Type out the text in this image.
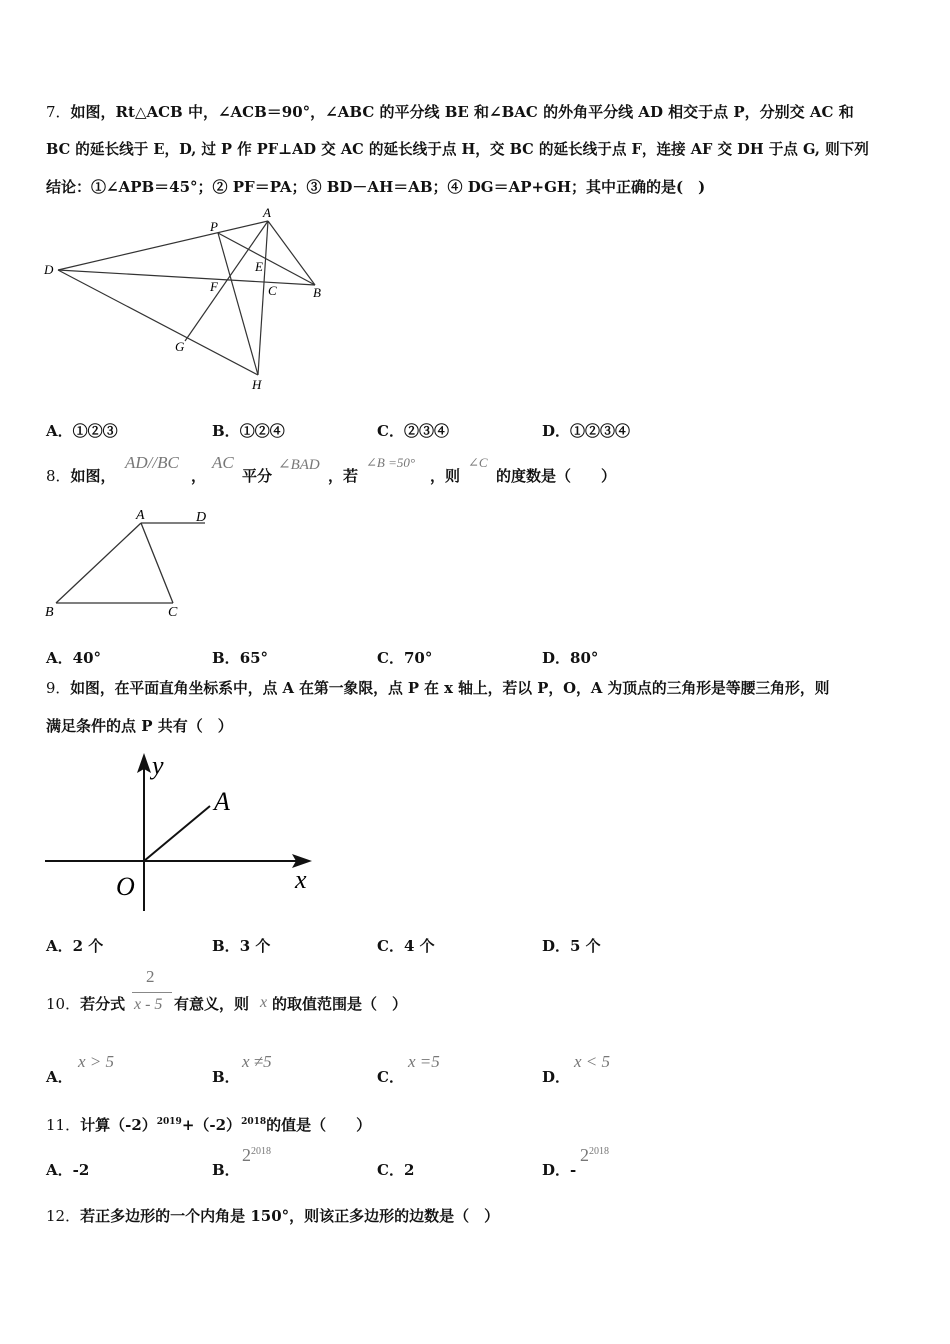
7．如图，Rt△ACB 中，∠ACB＝90°，∠ABC 的平分线 BE 和∠BAC 的外角平分线 AD 相交于点 P，分别交 AC 和
BC 的延长线于 E，D, 过 P 作 PF⊥AD 交 AC 的延长线于点 H，交 BC 的延长线于点 F，连接 AF 交 DH 于点 G, 则下列
结论：①∠APB＝45°；② PF＝PA；③ BD－AH＝AB；④ DG＝AP+GH；其中正确的是(　)
P
A
D	E
F	C	B
G
H
A．①②③	B．①②④	C．②③④	D．①②③④
8．如图，
AD//BC
，
AC
平分
∠BAD
，若
∠B =50°
，则
∠C
的度数是（　　）
A	D
B	C
A．40°	B．65°	C．70°	D．80°
9．如图，在平面直角坐标系中，点 A 在第一象限，点 P 在 x 轴上，若以 P，O，A 为顶点的三角形是等腰三角形，则
满足条件的点 P 共有（　）
y
A
O	x
A．2 个	B．3 个	C．4 个	D．5 个
10．若分式
2
x - 5 有意义，则 x 的取值范围是（　）
A．
x > 5
B．
x ≠5
C．
x =5
D．
x < 5
11．计算$(-2)^{2019}+(-2)^{2018}$的值是（　　）
A．-2	B．
$2^{2018}$
C．2	D．-
$2^{2018}$
12．若正多边形的一个内角是 150°，则该正多边形的边数是（　）
